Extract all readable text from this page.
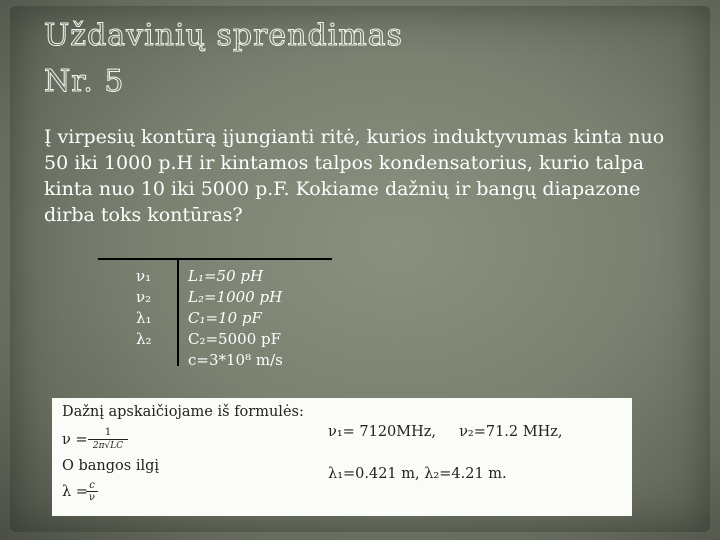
Uždavinių sprendimas
Nr. 5

Į virpesių kontūrą įjungianti ritė, kurios induktyvumas kinta nuo 50 iki 1000 p.H ir kintamos talpos kondensatorius, kurio talpa kinta nuo 10 iki 5000 p.F. Kokiame dažnių ir bangų diapazone dirba toks kontūras?

ν₁
ν₂
λ₁
λ₂
L₁=50 pH
L₂=1000 pH
C₁=10 pF
C₂=5000 pF
c=3*10⁸ m/s
Dažnį apskaičiojame iš formulės:
$\nu = \frac{1}{2\pi√LC}$
O bangos ilgį
λ =
$\frac{c}{\nu}$
ν₁= 7120MHz,     ν₂=71.2 MHz,
λ₁=0.421 m, λ₂=4.21 m.
